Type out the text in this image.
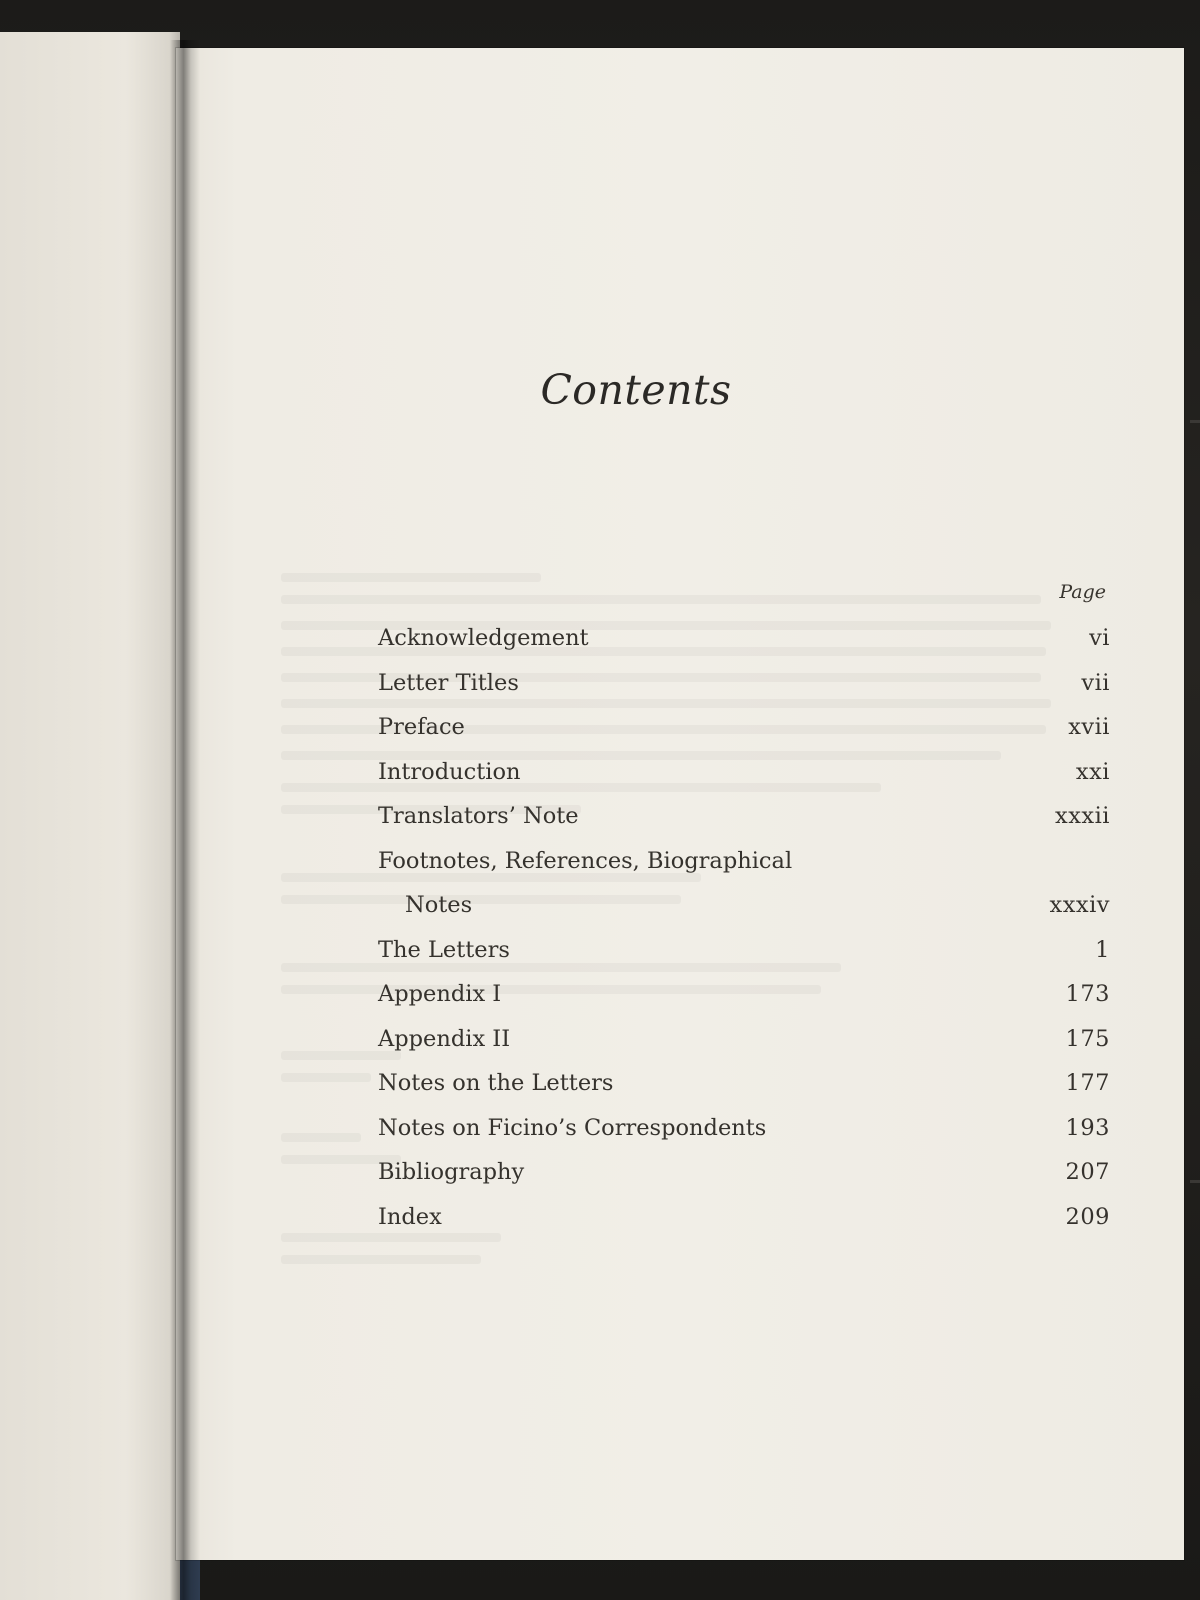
Contents
Page
Acknowledgement	vi
Letter Titles	vii
Preface	xvii
Introduction	xxi
Translators’ Note	xxxii
Footnotes, References, Biographical
Notes	xxxiv
The Letters	1
Appendix I	173
Appendix II	175
Notes on the Letters	177
Notes on Ficino’s Correspondents	193
Bibliography	207
Index	209
